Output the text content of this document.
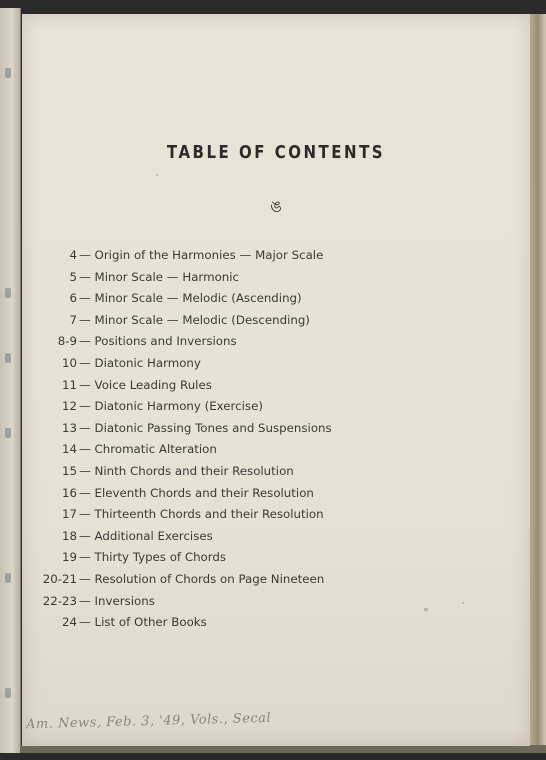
TABLE OF CONTENTS
ঙ
4 — Origin of the Harmonies — Major Scale
5 — Minor Scale — Harmonic
6 — Minor Scale — Melodic (Ascending)
7 — Minor Scale — Melodic (Descending)
8-9 — Positions and Inversions
10 — Diatonic Harmony
11 — Voice Leading Rules
12 — Diatonic Harmony (Exercise)
13 — Diatonic Passing Tones and Suspensions
14 — Chromatic Alteration
15 — Ninth Chords and their Resolution
16 — Eleventh Chords and their Resolution
17 — Thirteenth Chords and their Resolution
18 — Additional Exercises
19 — Thirty Types of Chords
20-21 — Resolution of Chords on Page Nineteen
22-23 — Inversions
24 — List of Other Books
Am. News, Feb. 3, '49, Vols., Secal
